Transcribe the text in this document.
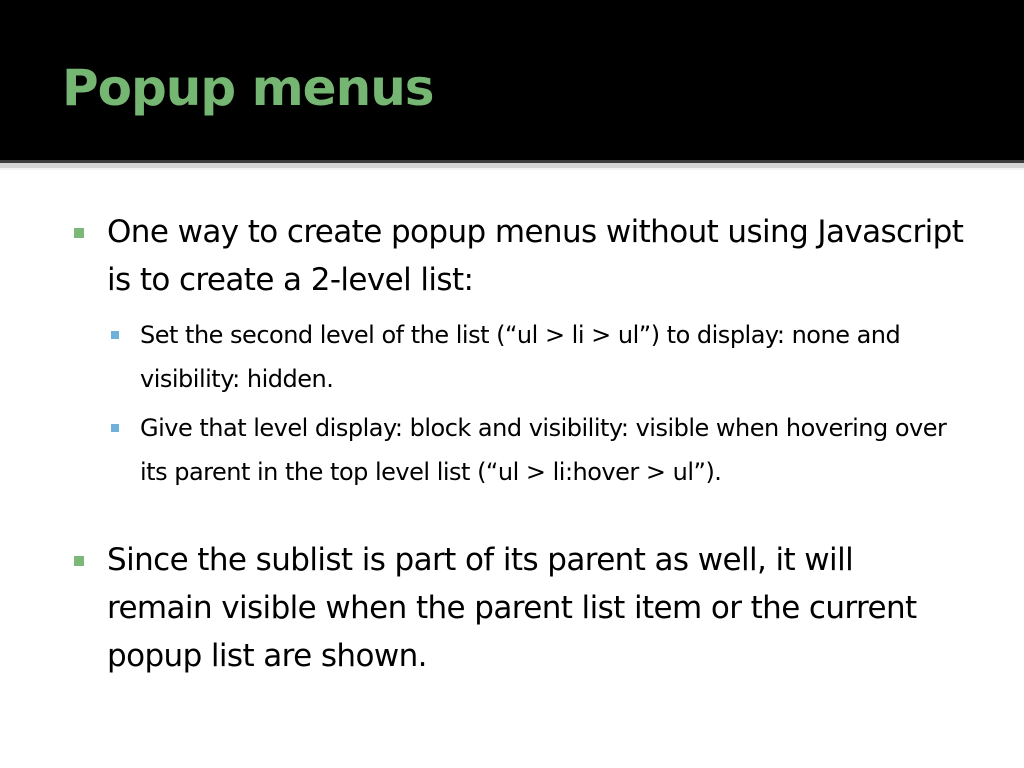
Popup menus
One way to create popup menus without using Javascript is to create a 2-level list:
Set the second level of the list (“ul > li > ul”) to display: none and visibility: hidden.
Give that level display: block and visibility: visible when hovering over its parent in the top level list (“ul > li:hover > ul”).
Since the sublist is part of its parent as well, it will remain visible when the parent list item or the current popup list are shown.
